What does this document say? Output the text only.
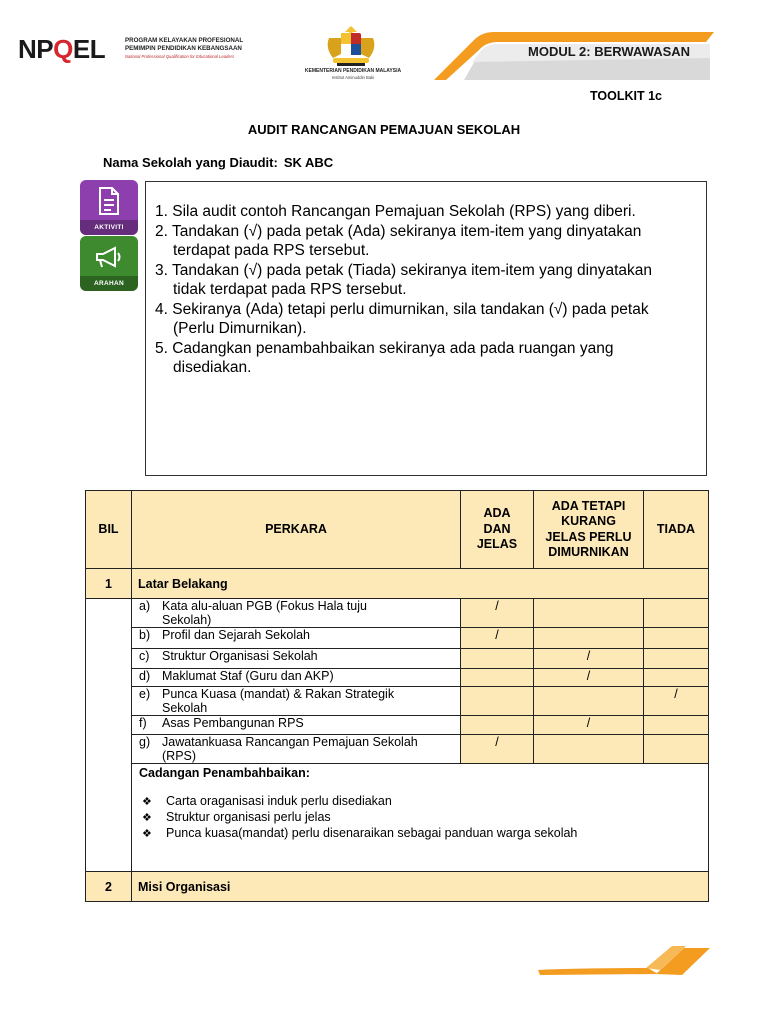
NPQEL	PROGRAM KELAYAKAN PROFESIONAL
PEMIMPIN PENDIDIKAN KEBANGSAAN
National Professional Qualification for Educational Leaders
KEMENTERIAN PENDIDIKAN MALAYSIA
Institut Aminuddin Baki
MODUL 2: BERWAWASAN
TOOLKIT 1c
AUDIT RANCANGAN PEMAJUAN SEKOLAH
Nama Sekolah yang Diaudit: SK ABC
AKTIVITI
ARAHAN

1. Sila audit contoh Rancangan Pemajuan Sekolah (RPS) yang diberi.

2. Tandakan (√) pada petak (Ada) sekiranya item-item yang dinyatakan

terdapat pada RPS tersebut.

3. Tandakan (√) pada petak (Tiada) sekiranya item-item yang dinyatakan

tidak terdapat pada RPS tersebut.

4. Sekiranya (Ada) tetapi perlu dimurnikan, sila tandakan (√) pada petak

(Perlu Dimurnikan).

5. Cadangkan penambahbaikan sekiranya ada pada ruangan yang

disediakan.

BIL	PERKARA	ADA DAN JELAS	ADA TETAPI KURANG JELAS PERLU DIMURNIKAN	TIADA
1	Latar Belakang			
	a) Kata alu-aluan PGB (Fokus Hala tuju
Sekolah)	/		
	b) Profil dan Sejarah Sekolah	/		
	c) Struktur Organisasi Sekolah		/	
	d) Maklumat Staf (Guru dan AKP)		/	
	e) Punca Kuasa (mandat) & Rakan Strategik
Sekolah			/
	f) Asas Pembangunan RPS		/	
	g) Jawatankuasa Rancangan Pemajuan Sekolah
(RPS)	/		

	Cadangan Penambahbaikan:
❖ Carta oraganisasi induk perlu disediakan
❖ Struktur organisasi perlu jelas
❖ Punca kuasa(mandat) perlu disenaraikan sebagai panduan warga sekolah			

2	Misi Organisasi			
